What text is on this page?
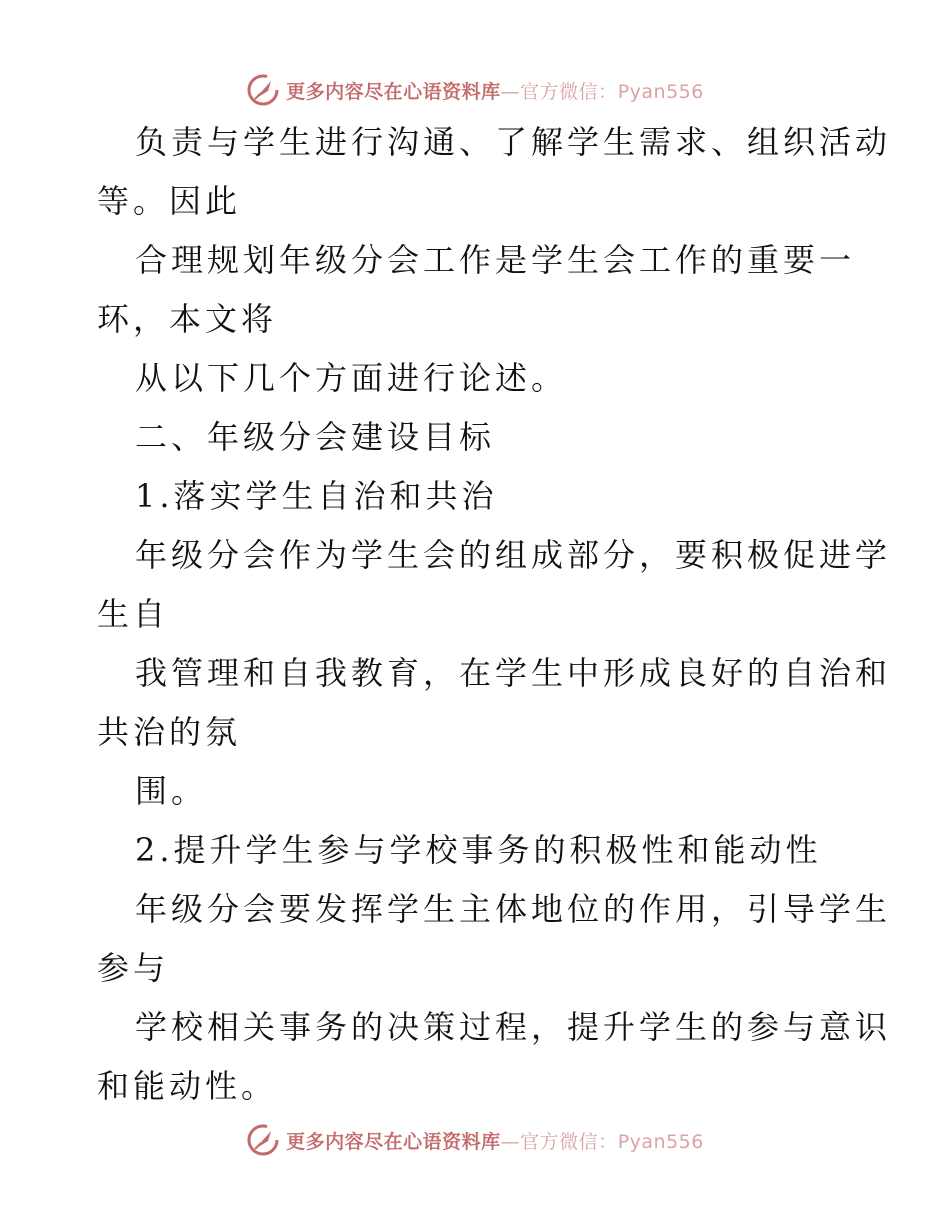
更多内容尽在心语资料库—官方微信：Pyan556
负责与学生进行沟通、了解学生需求、组织活动
等。因此
合理规划年级分会工作是学生会工作的重要一
环，本文将
从以下几个方面进行论述。
二、年级分会建设目标
1.落实学生自治和共治
年级分会作为学生会的组成部分，要积极促进学
生自
我管理和自我教育，在学生中形成良好的自治和
共治的氛
围。
2.提升学生参与学校事务的积极性和能动性
年级分会要发挥学生主体地位的作用，引导学生
参与
学校相关事务的决策过程，提升学生的参与意识
和能动性。
更多内容尽在心语资料库—官方微信：Pyan556
